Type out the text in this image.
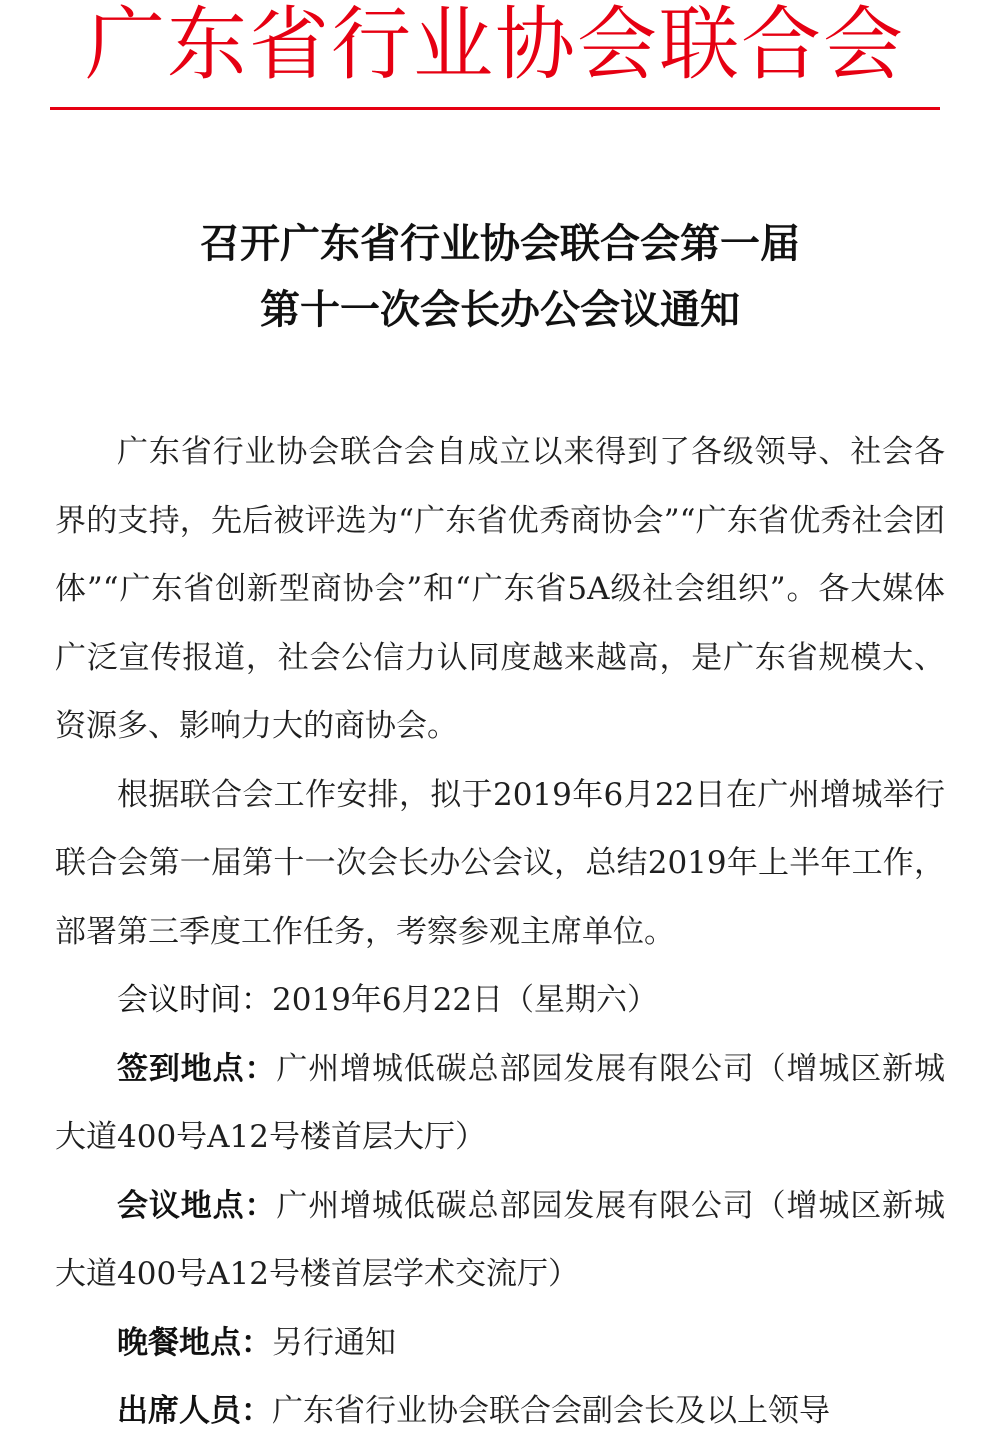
广东省行业协会联合会
召开广东省行业协会联合会第一届
第十一次会长办公会议通知

广东省行业协会联合会自成立以来得到了各级领导、社会各界的支持，先后被评选为“广东省优秀商协会”“广东省优秀社会团体”“广东省创新型商协会”和“广东省5A级社会组织”。各大媒体广泛宣传报道，社会公信力认同度越来越高，是广东省规模大、资源多、影响力大的商协会。

根据联合会工作安排，拟于2019年6月22日在广州增城举行联合会第一届第十一次会长办公会议，总结2019年上半年工作，部署第三季度工作任务，考察参观主席单位。

会议时间：2019年6月22日（星期六）

签到地点：广州增城低碳总部园发展有限公司（增城区新城大道400号A12号楼首层大厅）

会议地点：广州增城低碳总部园发展有限公司（增城区新城大道400号A12号楼首层学术交流厅）

晚餐地点：另行通知

出席人员：广东省行业协会联合会副会长及以上领导
